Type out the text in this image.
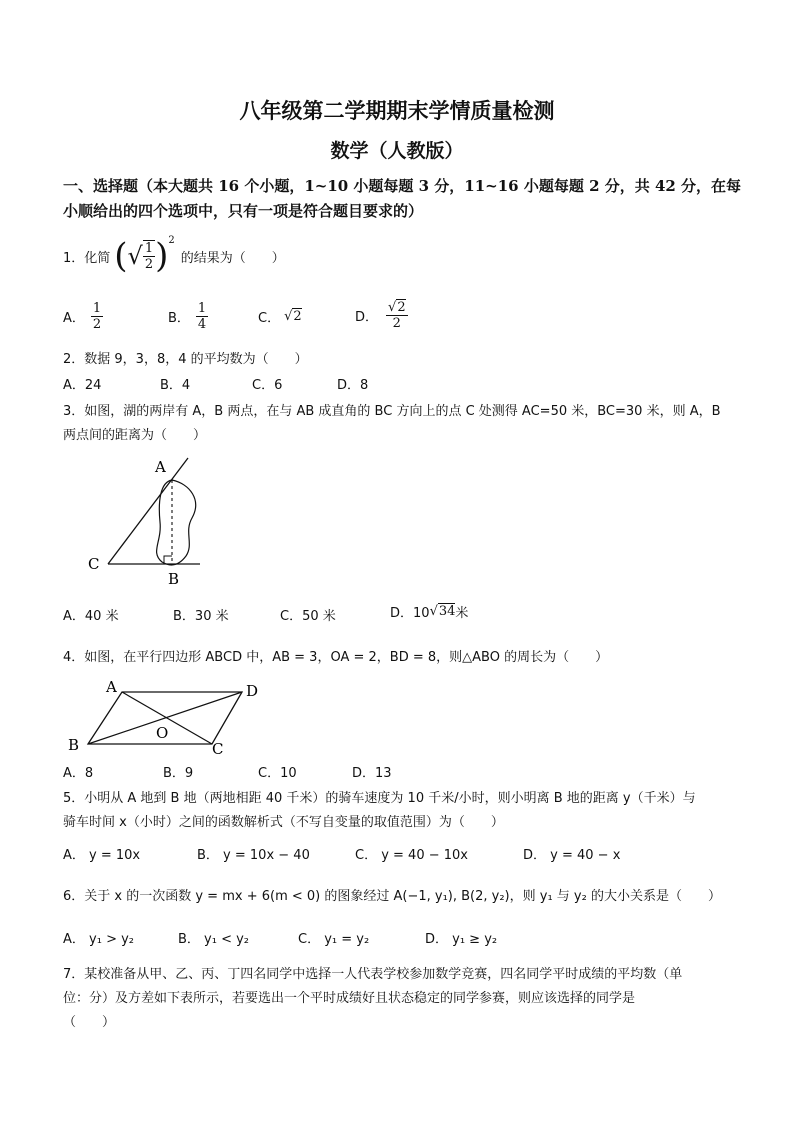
八年级第二学期期末学情质量检测
数学（人教版）
一、选择题（本大题共 16 个小题，1~10 小题每题 3 分，11~16 小题每题 2 分，共 42 分，在每
小顺给出的四个选项中，只有一项是符合题目要求的）
1．化简 ( √ $\frac{1}{2}$ ) 2
的结果为（　　）
A． $\frac{1}{2}$	B． $\frac{1}{4}$	C． √2	D． $\frac{√2}{2}$
2．数据 9，3，8，4 的平均数为（　　）
A．24	B．4	C．6	D．8
3．如图，湖的两岸有 A，B 两点，在与 AB 成直角的 BC 方向上的点 C 处测得 AC=50 米，BC=30 米，则 A，B
两点间的距离为（　　）
A
B
C
A．40 米	B．30 米	C．50 米	D．10 √34 米
4．如图，在平行四边形 ABCD 中，AB = 3，OA = 2，BD = 8，则△ABO 的周长为（　　）
A	D
B	C
O
A．8	B．9	C．10	D．13
5．小明从 A 地到 B 地（两地相距 40 千米）的骑车速度为 10 千米/小时，则小明离 B 地的距离 y（千米）与
骑车时间 x（小时）之间的函数解析式（不写自变量的取值范围）为（　　）
A． y = 10x	B． y = 10x − 40	C． y = 40 − 10x	D． y = 40 − x
6．关于 x 的一次函数 y = mx + 6(m < 0) 的图象经过 A(−1, y₁), B(2, y₂)，则 y₁ 与 y₂ 的大小关系是（　　）
A． y₁ > y₂	B． y₁ < y₂	C． y₁ = y₂	D． y₁ ≥ y₂
7．某校准备从甲、乙、丙、丁四名同学中选择一人代表学校参加数学竞赛，四名同学平时成绩的平均数（单
位：分）及方差如下表所示，若要选出一个平时成绩好且状态稳定的同学参赛，则应该选择的同学是
（　　）
